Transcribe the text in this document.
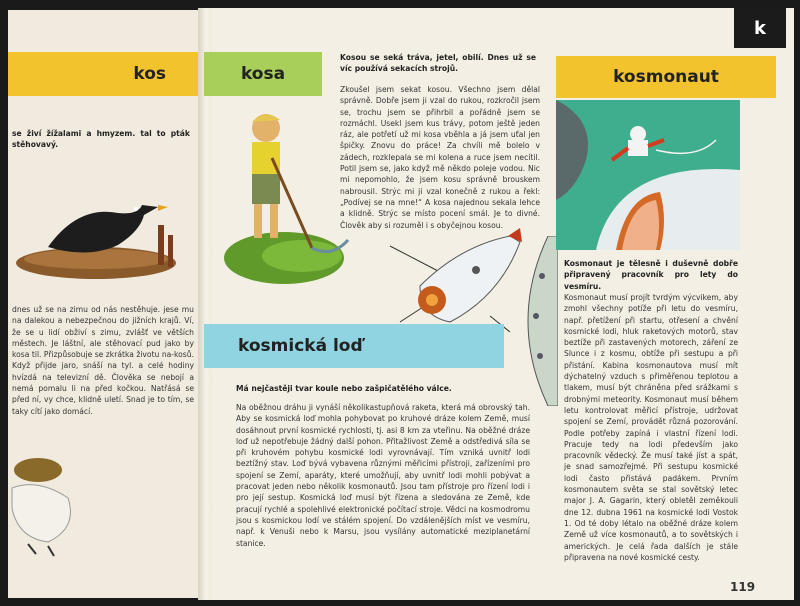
kos

se živí žížalami a hmyzem. tal to pták stěhovavý.

dnes už se na zimu od nás nestěhuje. jese mu na dalekou a nebezpečnou do jižních krajů. Ví, že se u lidí obživí s zimu, zvlášť ve větších městech. Je láštní, ale stěhovací pud jako by kosa til. Přizpůsobuje se zkrátka životu na-kosů. Když přijde jaro, snáší na tyl. a celé hodiny hvízdá na televizní dě. Člověka se nebojí a nemá pomalu li na před kočkou. Natřásá se před ní, vy chce, klidně uletí. Snad je to tím, se taky cítí jako domácí.

kosa

Kosou se seká tráva, jetel, obilí. Dnes už se víc používá sekacích strojů.

Zkoušel jsem sekat kosou. Všechno jsem dělal správně. Dobře jsem ji vzal do rukou, rozkročil jsem se, trochu jsem se přihrbil a pořádně jsem se rozmáchl. Usekl jsem kus trávy, potom ještě jeden ráz, ale potřetí už mi kosa vběhla a já jsem uťal jen špičky. Znovu do práce! Za chvíli mě bolelo v zádech, rozklepala se mi kolena a ruce jsem necítil. Potil jsem se, jako když mě někdo poleje vodou. Nic mi nepomohlo, že jsem kosu správně brouskem nabrousil. Strýc mi ji vzal konečně z rukou a řekl: „Podívej se na mne!“ A kosa najednou sekala lehce a klidně. Strýc se místo pocení smál. Je to divné. Člověk aby si rozuměl i s obyčejnou kosou.

kosmická loď

Má nejčastěji tvar koule nebo zašpičatělého válce.

Na oběžnou dráhu ji vynáší několikastupňová raketa, která má obrovský tah. Aby se kosmická loď mohla pohybovat po kruhové dráze kolem Země, musí dosáhnout první kosmické rychlosti, tj. asi 8 km za vteřinu. Na oběžné dráze loď už nepotřebuje žádný další pohon. Přitažlivost Země a odstředivá síla se při kruhovém pohybu kosmické lodi vyrovnávají. Tím vzniká uvnitř lodi beztížný stav. Loď bývá vybavena různými měřicími přístroji, zařízeními pro spojení se Zemí, aparáty, které umožňují, aby uvnitř lodi mohli pobývat a pracovat jeden nebo několik kosmonautů. Jsou tam přístroje pro řízení lodi i pro její sestup. Kosmická loď musí být řízena a sledována ze Země, kde pracují rychlé a spolehlivé elektronické počítací stroje. Vědci na kosmodromu jsou s kosmickou lodí ve stálém spojení. Do vzdálenějších míst ve vesmíru, např. k Venuši nebo k Marsu, jsou vysílány automatické meziplanetární stanice.

k
kosmonaut

Kosmonaut je tělesně i duševně dobře připravený pracovník pro lety do vesmíru.

Kosmonaut musí projít tvrdým výcvikem, aby zmohl všechny potíže při letu do vesmíru, např. přetížení při startu, otřesení a chvění kosmické lodi, hluk raketových motorů, stav beztíže při zastavených motorech, záření ze Slunce i z kosmu, obtíže při sestupu a při přistání. Kabina kosmonautova musí mít dýchatelný vzduch s přiměřenou teplotou a tlakem, musí být chráněna před srážkami s drobnými meteority. Kosmonaut musí během letu kontrolovat měřicí přístroje, udržovat spojení se Zemí, provádět různá pozorování. Podle potřeby zapíná i vlastní řízení lodi. Pracuje tedy na lodi především jako pracovník vědecký. Že musí také jíst a spát, je snad samozřejmé. Při sestupu kosmické lodi často přistává padákem. Prvním kosmonautem světa se stal sovětský letec major J. A. Gagarin, který obletěl zeměkouli dne 12. dubna 1961 na kosmické lodi Vostok 1. Od té doby létalo na oběžné dráze kolem Země už více kosmonautů, a to sovětských i amerických. Je celá řada dalších je stále připravena na nové kosmické cesty.

119
